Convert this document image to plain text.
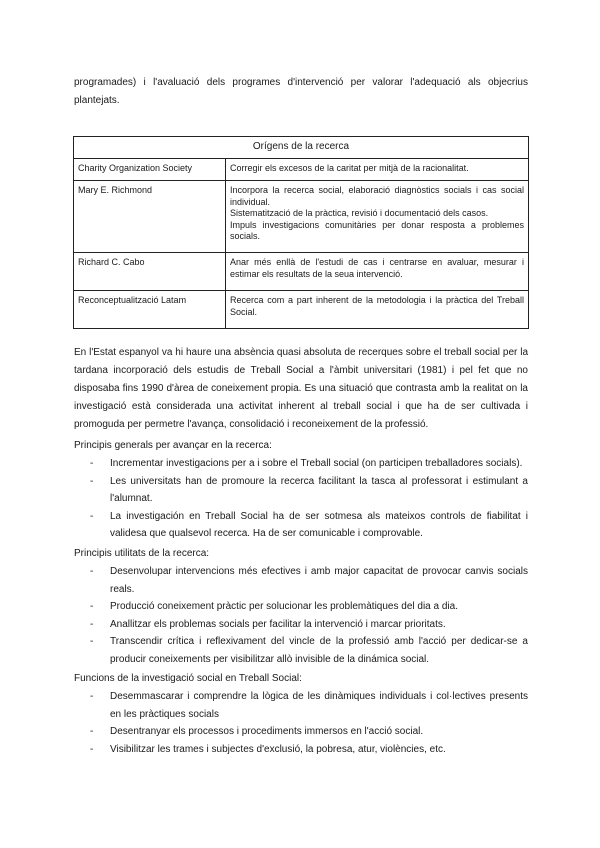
programades) i l'avaluació dels programes d'intervenció per valorar l'adequació als objecrius plantejats.

Orígens de la recerca	
Charity Organization Society	Corregir els excesos de la caritat per mitjà de la racionalitat.

Mary E. Richmond	Incorpora la recerca social, elaboració diagnòstics socials i cas social individual.
Sistematització de la pràctica, revisió i documentació dels casos.
Impuls investigacions comunitàries per donar resposta a problemes socials.

Richard C. Cabo	Anar més enllà de l'estudi de cas i centrarse en avaluar, mesurar i estimar els resultats de la seua intervenció.

Reconceptualització Latam	Recerca com a part inherent de la metodologia i la pràctica del Treball Social.

En l'Estat espanyol va hi haure una absència quasi absoluta de recerques sobre el treball social per la tardana incorporació dels estudis de Treball Social a l'àmbit universitari (1981) i pel fet que no disposaba fins 1990 d'àrea de coneixement propia. Es una situació que contrasta amb la realitat on la investigació està considerada una activitat inherent al treball social i que ha de ser cultivada i promoguda per permetre l'avança, consolidació i reconeixement de la professió.

Principis generals per avançar en la recerca:

- Incrementar investigacions per a i sobre el Treball social (on participen treballadores socials).
- Les universitats han de promoure la recerca facilitant la tasca al professorat i estimulant a l'alumnat.
- La investigación en Treball Social ha de ser sotmesa als mateixos controls de fiabilitat i validesa que qualsevol recerca. Ha de ser comunicable i comprovable.

Principis utilitats de la recerca:

- Desenvolupar intervencions més efectives i amb major capacitat de provocar canvis socials reals.
- Producció coneixement pràctic per solucionar les problemàtiques del dia a dia.
- Anallitzar els problemas socials per facilitar la intervenció i marcar prioritats.
- Transcendir crítica i reflexivament del vincle de la professió amb l'acció per dedicar-se a producir coneixements per visibilitzar allò invisible de la dinámica social.

Funcions de la investigació social en Treball Social:

- Desemmascarar i comprendre la lògica de les dinàmiques individuals i col·lectives presents en les pràctiques socials
- Desentranyar els processos i procediments immersos en l'acció social.
- Visibilitzar les trames i subjectes d'exclusió, la pobresa, atur, violències, etc.
